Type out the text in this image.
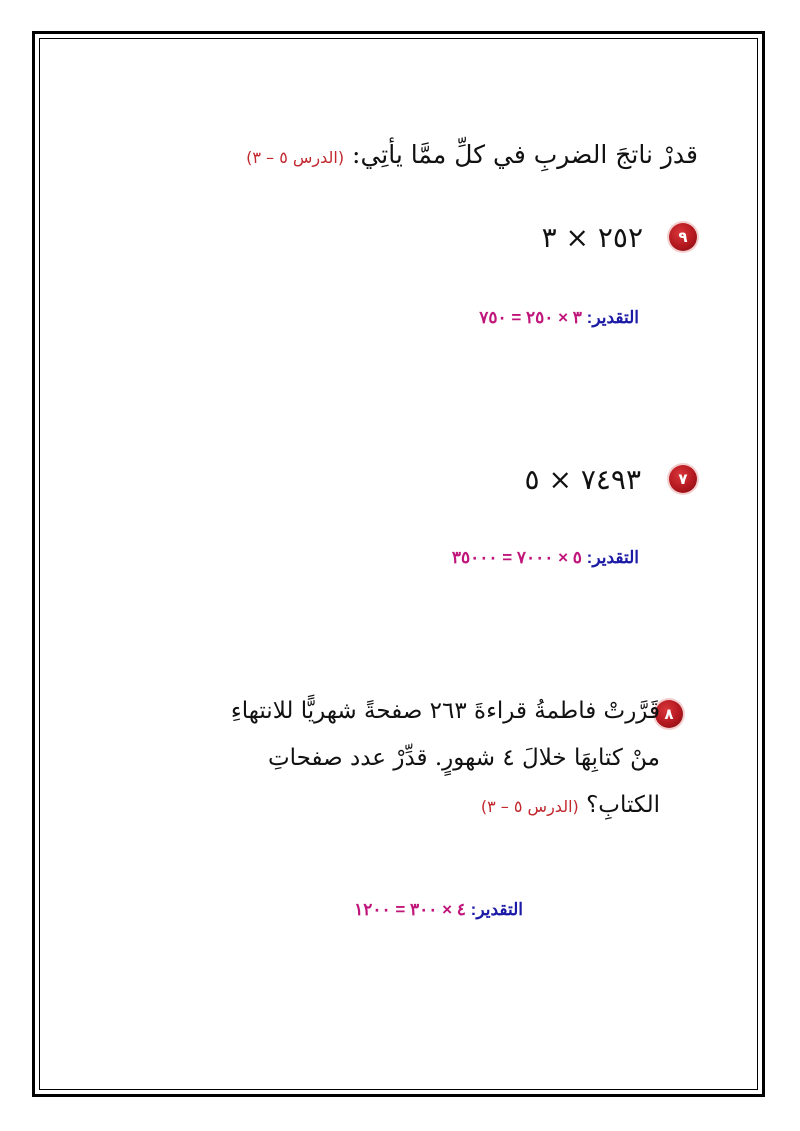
قدرْ ناتجَ الضربِ في كلِّ ممَّا يأتِي: (الدرس ٥ – ٣)
٩
٢٥٢ × ٣
التقدير: ٣ × ٢٥٠ = ٧٥٠
٧
٧٤٩٣ × ٥
التقدير: ٥ × ٧٠٠٠ = ٣٥٠٠٠
٨
قَرَّرتْ فاطمةُ قراءةَ ٢٦٣ صفحةً شهريًّا للانتهاءِ
منْ كتابِهَا خلالَ ٤ شهورٍ. قدِّرْ عدد صفحاتِ
الكتابِ؟ (الدرس ٥ – ٣)
التقدير: ٤ × ٣٠٠ = ١٢٠٠
